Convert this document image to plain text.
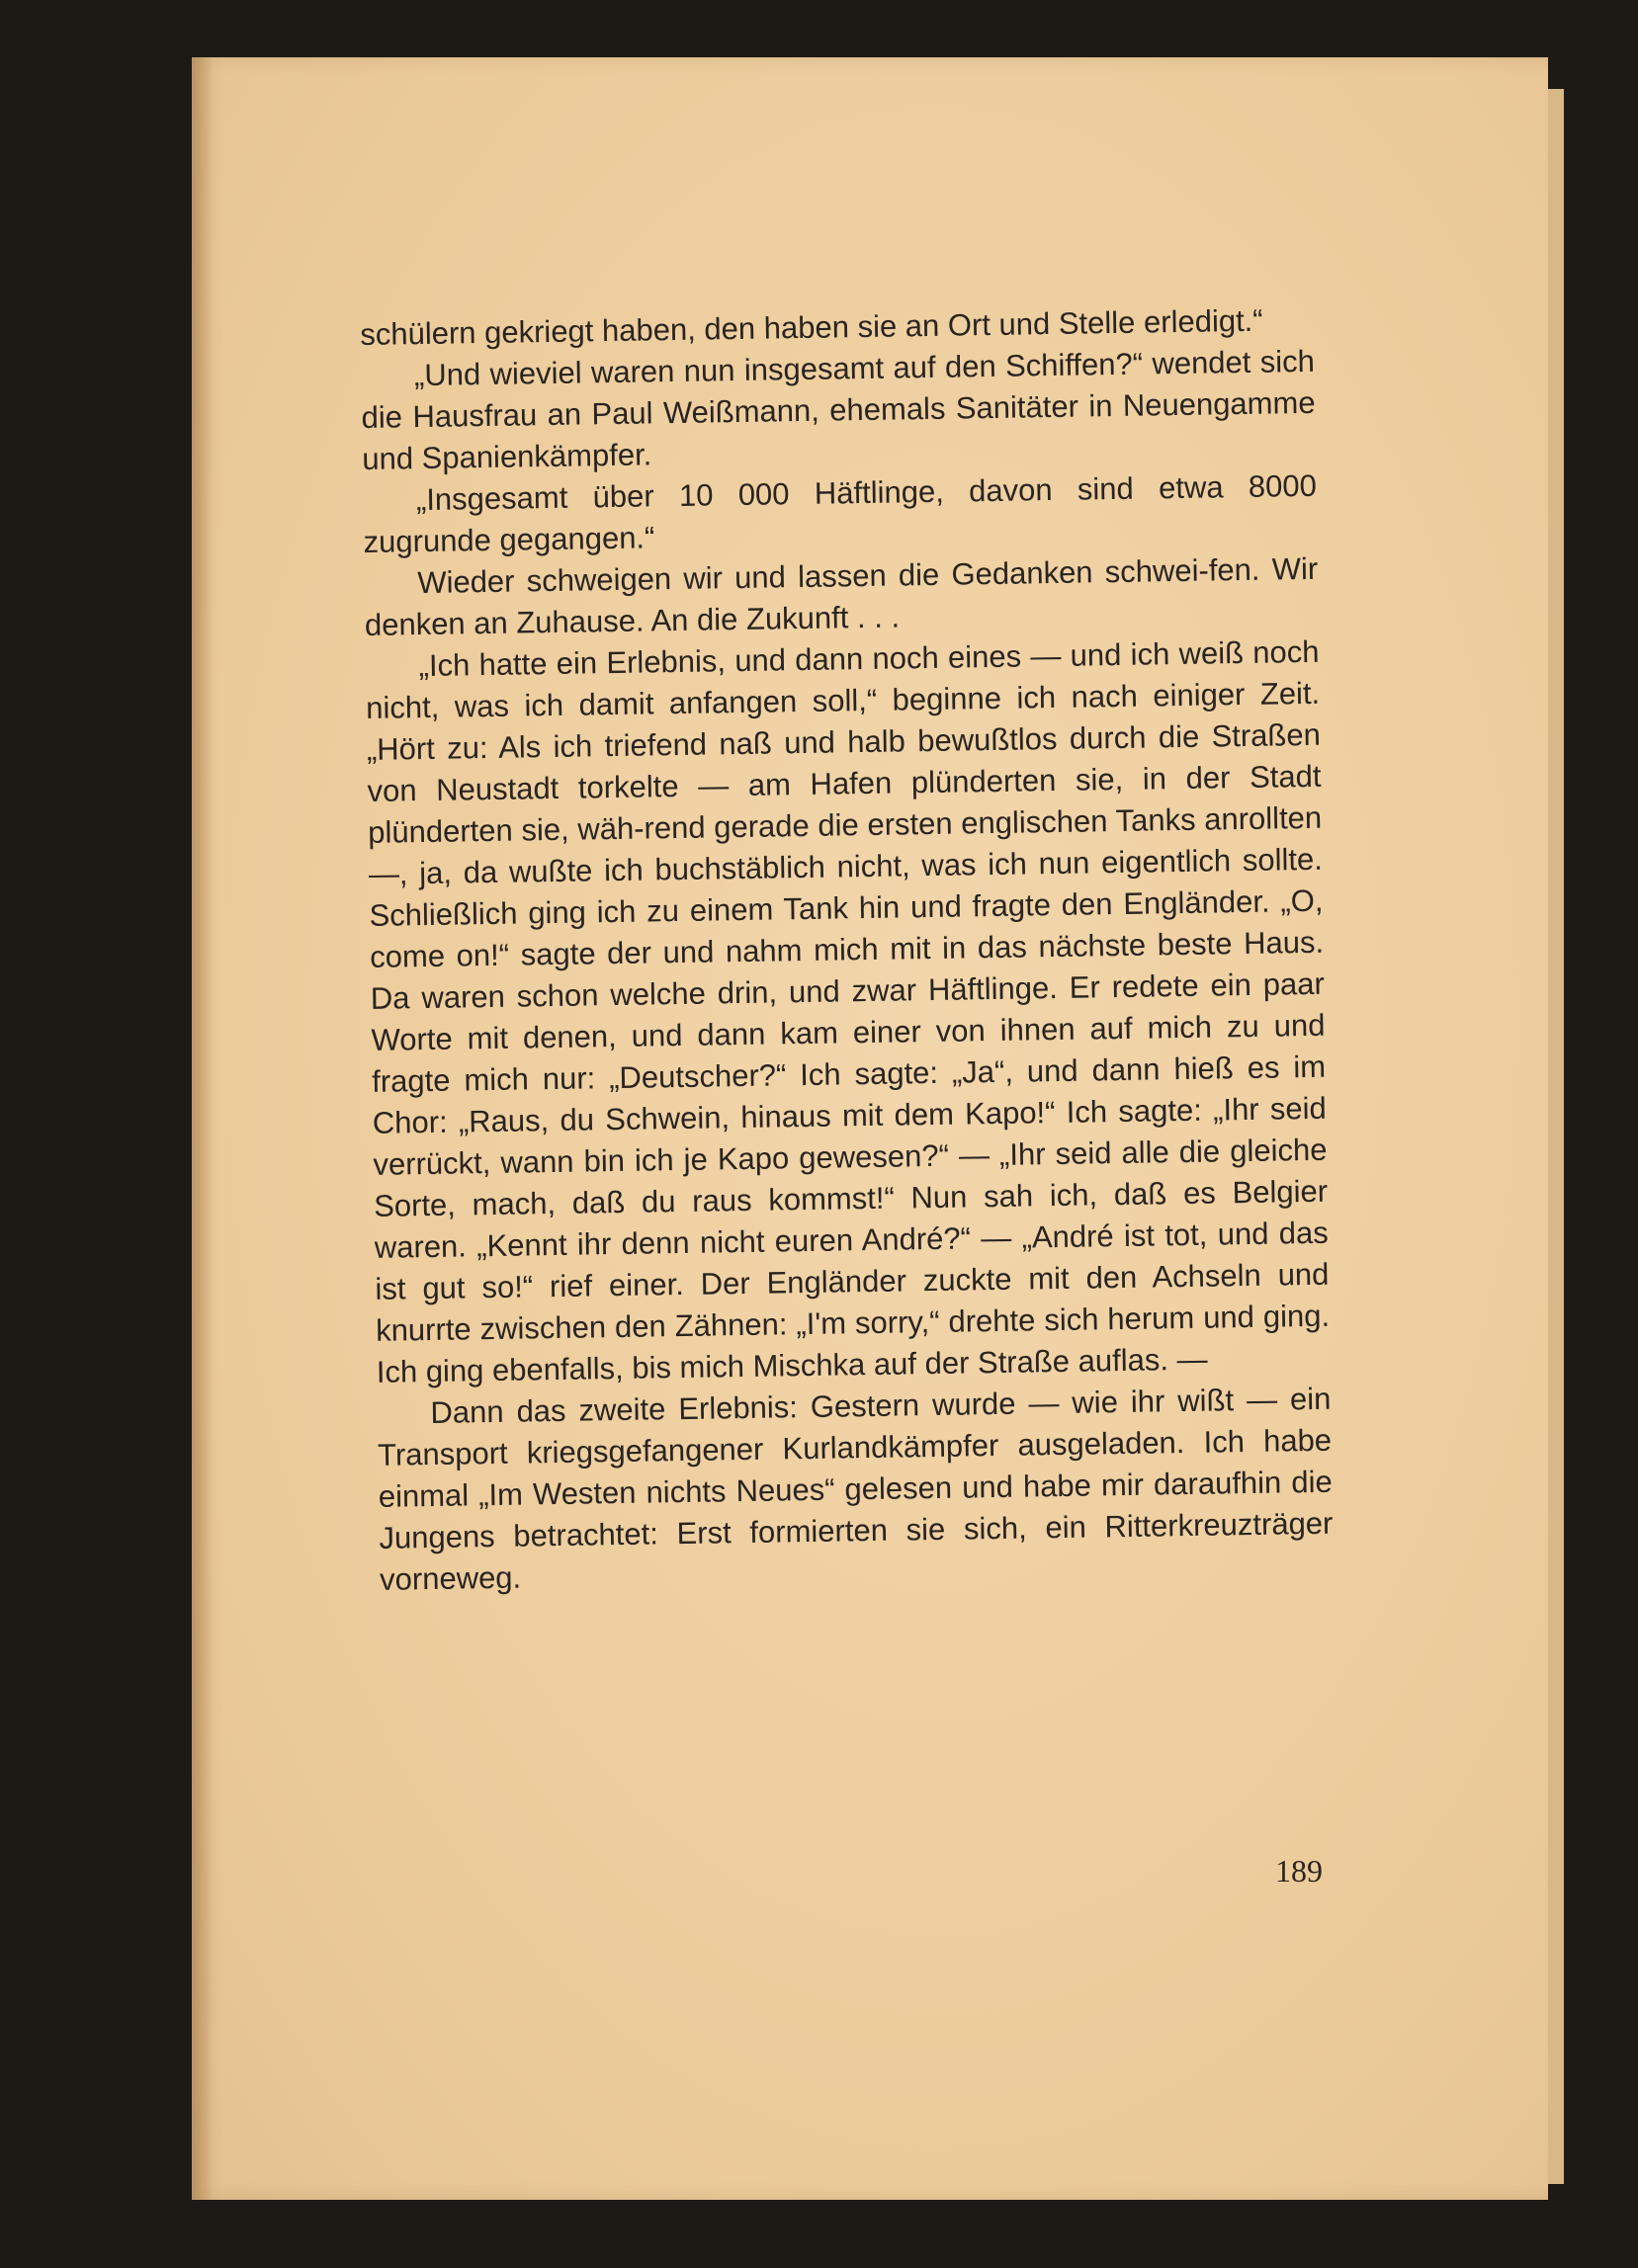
schülern gekriegt haben, den haben sie an Ort und Stelle erledigt.“

„Und wieviel waren nun insgesamt auf den Schiffen?“ wendet sich die Hausfrau an Paul Weißmann, ehemals Sanitäter in Neuengamme und Spanienkämpfer.

„Insgesamt über 10 000 Häftlinge, davon sind etwa 8000 zugrunde gegangen.“

Wieder schweigen wir und lassen die Gedanken schwei-fen. Wir denken an Zuhause. An die Zukunft . . .

„Ich hatte ein Erlebnis, und dann noch eines — und ich weiß noch nicht, was ich damit anfangen soll,“ beginne ich nach einiger Zeit. „Hört zu: Als ich triefend naß und halb bewußtlos durch die Straßen von Neustadt torkelte — am Hafen plünderten sie, in der Stadt plünderten sie, wäh-rend gerade die ersten englischen Tanks anrollten —, ja, da wußte ich buchstäblich nicht, was ich nun eigentlich sollte. Schließlich ging ich zu einem Tank hin und fragte den Engländer. „O, come on!“ sagte der und nahm mich mit in das nächste beste Haus. Da waren schon welche drin, und zwar Häftlinge. Er redete ein paar Worte mit denen, und dann kam einer von ihnen auf mich zu und fragte mich nur: „Deutscher?“ Ich sagte: „Ja“, und dann hieß es im Chor: „Raus, du Schwein, hinaus mit dem Kapo!“ Ich sagte: „Ihr seid verrückt, wann bin ich je Kapo gewesen?“ — „Ihr seid alle die gleiche Sorte, mach, daß du raus kommst!“ Nun sah ich, daß es Belgier waren. „Kennt ihr denn nicht euren André?“ — „André ist tot, und das ist gut so!“ rief einer. Der Engländer zuckte mit den Achseln und knurrte zwischen den Zähnen: „I'm sorry,“ drehte sich herum und ging. Ich ging ebenfalls, bis mich Mischka auf der Straße auflas. —

Dann das zweite Erlebnis: Gestern wurde — wie ihr wißt — ein Transport kriegsgefangener Kurlandkämpfer ausgeladen. Ich habe einmal „Im Westen nichts Neues“ gelesen und habe mir daraufhin die Jungens betrachtet: Erst formierten sie sich, ein Ritterkreuzträger vorneweg.

189
